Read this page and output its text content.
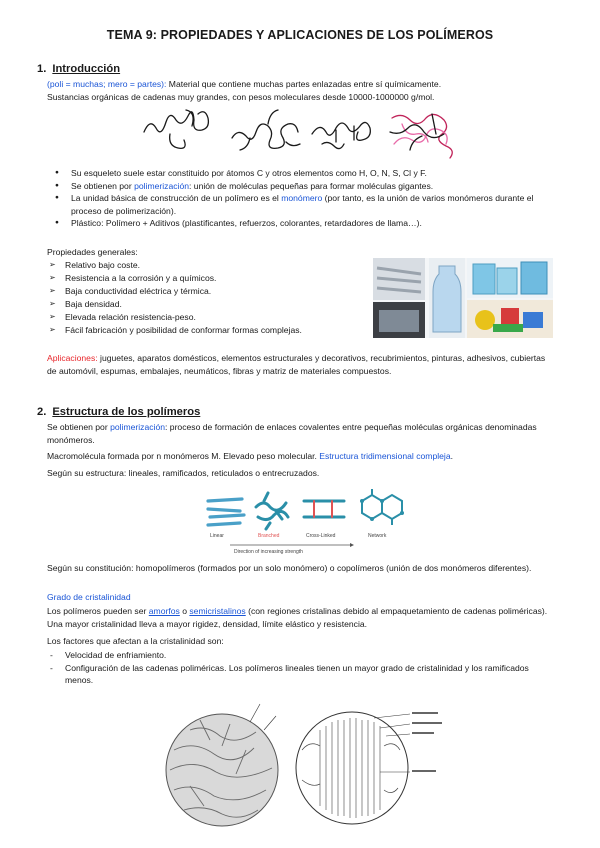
TEMA 9: PROPIEDADES Y APLICACIONES DE LOS POLÍMEROS
1. Introducción
(poli = muchas; mero = partes): Material que contiene muchas partes enlazadas entre sí químicamente.
Sustancias orgánicas de cadenas muy grandes, con pesos moleculares desde 10000-1000000 g/mol.
● Su esqueleto suele estar constituido por átomos C y otros elementos como H, O, N, S, Cl y F.
● Se obtienen por polimerización: unión de moléculas pequeñas para formar moléculas gigantes.
● La unidad básica de construcción de un polímero es el monómero (por tanto, es la unión de varios monómeros durante el proceso de polimerización).
● Plástico: Polímero + Aditivos (plastificantes, refuerzos, colorantes, retardadores de llama…).
Propiedades generales:
➢ Relativo bajo coste.
➢ Resistencia a la corrosión y a químicos.
➢ Baja conductividad eléctrica y térmica.
➢ Baja densidad.
➢ Elevada relación resistencia-peso.
➢ Fácil fabricación y posibilidad de conformar formas complejas.
Aplicaciones: juguetes, aparatos domésticos, elementos estructurales y decorativos, recubrimientos, pinturas, adhesivos, cubiertas de automóvil, espumas, embalajes, neumáticos, fibras y matriz de materiales compuestos.
2. Estructura de los polímeros
Se obtienen por polimerización: proceso de formación de enlaces covalentes entre pequeñas moléculas orgánicas denominadas monómeros.
Macromolécula formada por n monómeros M. Elevado peso molecular. Estructura tridimensional compleja.
Según su estructura: lineales, ramificados, reticulados o entrecruzados.
Linear	Branched	Cross-Linked	Network
Direction of increasing strength
Según su constitución: homopolímeros (formados por un solo monómero) o copolímeros (unión de dos monómeros diferentes).
Grado de cristalinidad
Los polímeros pueden ser amorfos o semicristalinos (con regiones cristalinas debido al empaquetamiento de cadenas poliméricas). Una mayor cristalinidad lleva a mayor rigidez, densidad, límite elástico y resistencia.
Los factores que afectan a la cristalinidad son:
- Velocidad de enfriamiento.
- Configuración de las cadenas poliméricas. Los polímeros lineales tienen un mayor grado de cristalinidad y los ramificados menos.
